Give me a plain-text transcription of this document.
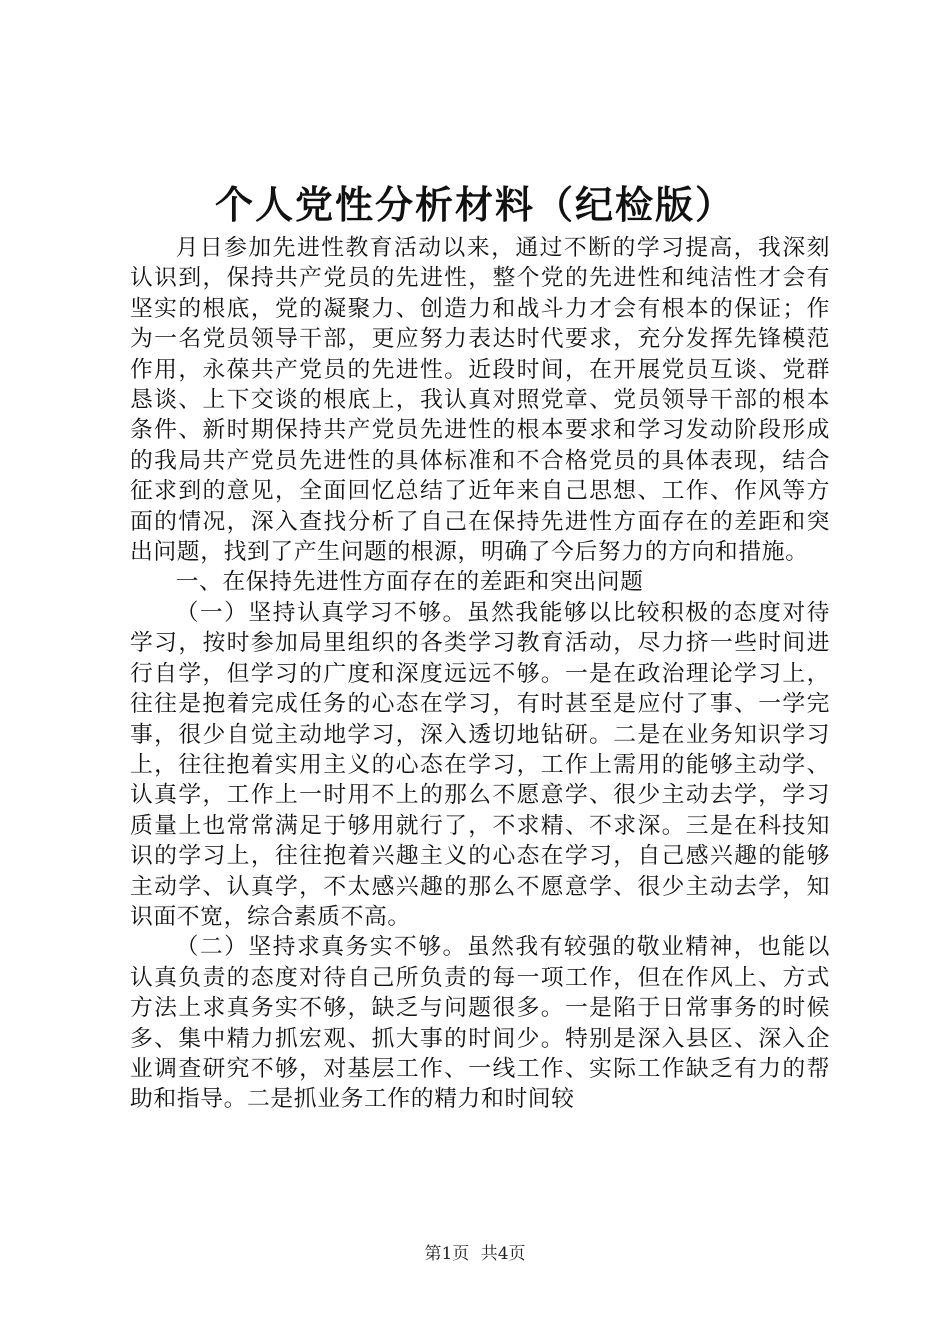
个人党性分析材料（纪检版）

月日参加先进性教育活动以来，通过不断的学习提高，我深刻认识到，保持共产党员的先进性，整个党的先进性和纯洁性才会有坚实的根底，党的凝聚力、创造力和战斗力才会有根本的保证；作为一名党员领导干部，更应努力表达时代要求，充分发挥先锋模范作用，永葆共产党员的先进性。近段时间，在开展党员互谈、党群恳谈、上下交谈的根底上，我认真对照党章、党员领导干部的根本条件、新时期保持共产党员先进性的根本要求和学习发动阶段形成的我局共产党员先进性的具体标准和不合格党员的具体表现，结合征求到的意见，全面回忆总结了近年来自己思想、工作、作风等方面的情况，深入查找分析了自己在保持先进性方面存在的差距和突出问题，找到了产生问题的根源，明确了今后努力的方向和措施。

一、在保持先进性方面存在的差距和突出问题

（一）坚持认真学习不够。虽然我能够以比较积极的态度对待学习，按时参加局里组织的各类学习教育活动，尽力挤一些时间进行自学，但学习的广度和深度远远不够。一是在政治理论学习上，往往是抱着完成任务的心态在学习，有时甚至是应付了事、一学完事，很少自觉主动地学习，深入透切地钻研。二是在业务知识学习上，往往抱着实用主义的心态在学习，工作上需用的能够主动学、认真学，工作上一时用不上的那么不愿意学、很少主动去学，学习质量上也常常满足于够用就行了，不求精、不求深。三是在科技知识的学习上，往往抱着兴趣主义的心态在学习，自己感兴趣的能够主动学、认真学，不太感兴趣的那么不愿意学、很少主动去学，知识面不宽，综合素质不高。

（二）坚持求真务实不够。虽然我有较强的敬业精神，也能以认真负责的态度对待自己所负责的每一项工作，但在作风上、方式方法上求真务实不够，缺乏与问题很多。一是陷于日常事务的时候多、集中精力抓宏观、抓大事的时间少。特别是深入县区、深入企业调查研究不够，对基层工作、一线工作、实际工作缺乏有力的帮助和指导。二是抓业务工作的精力和时间较

第1页 共4页
